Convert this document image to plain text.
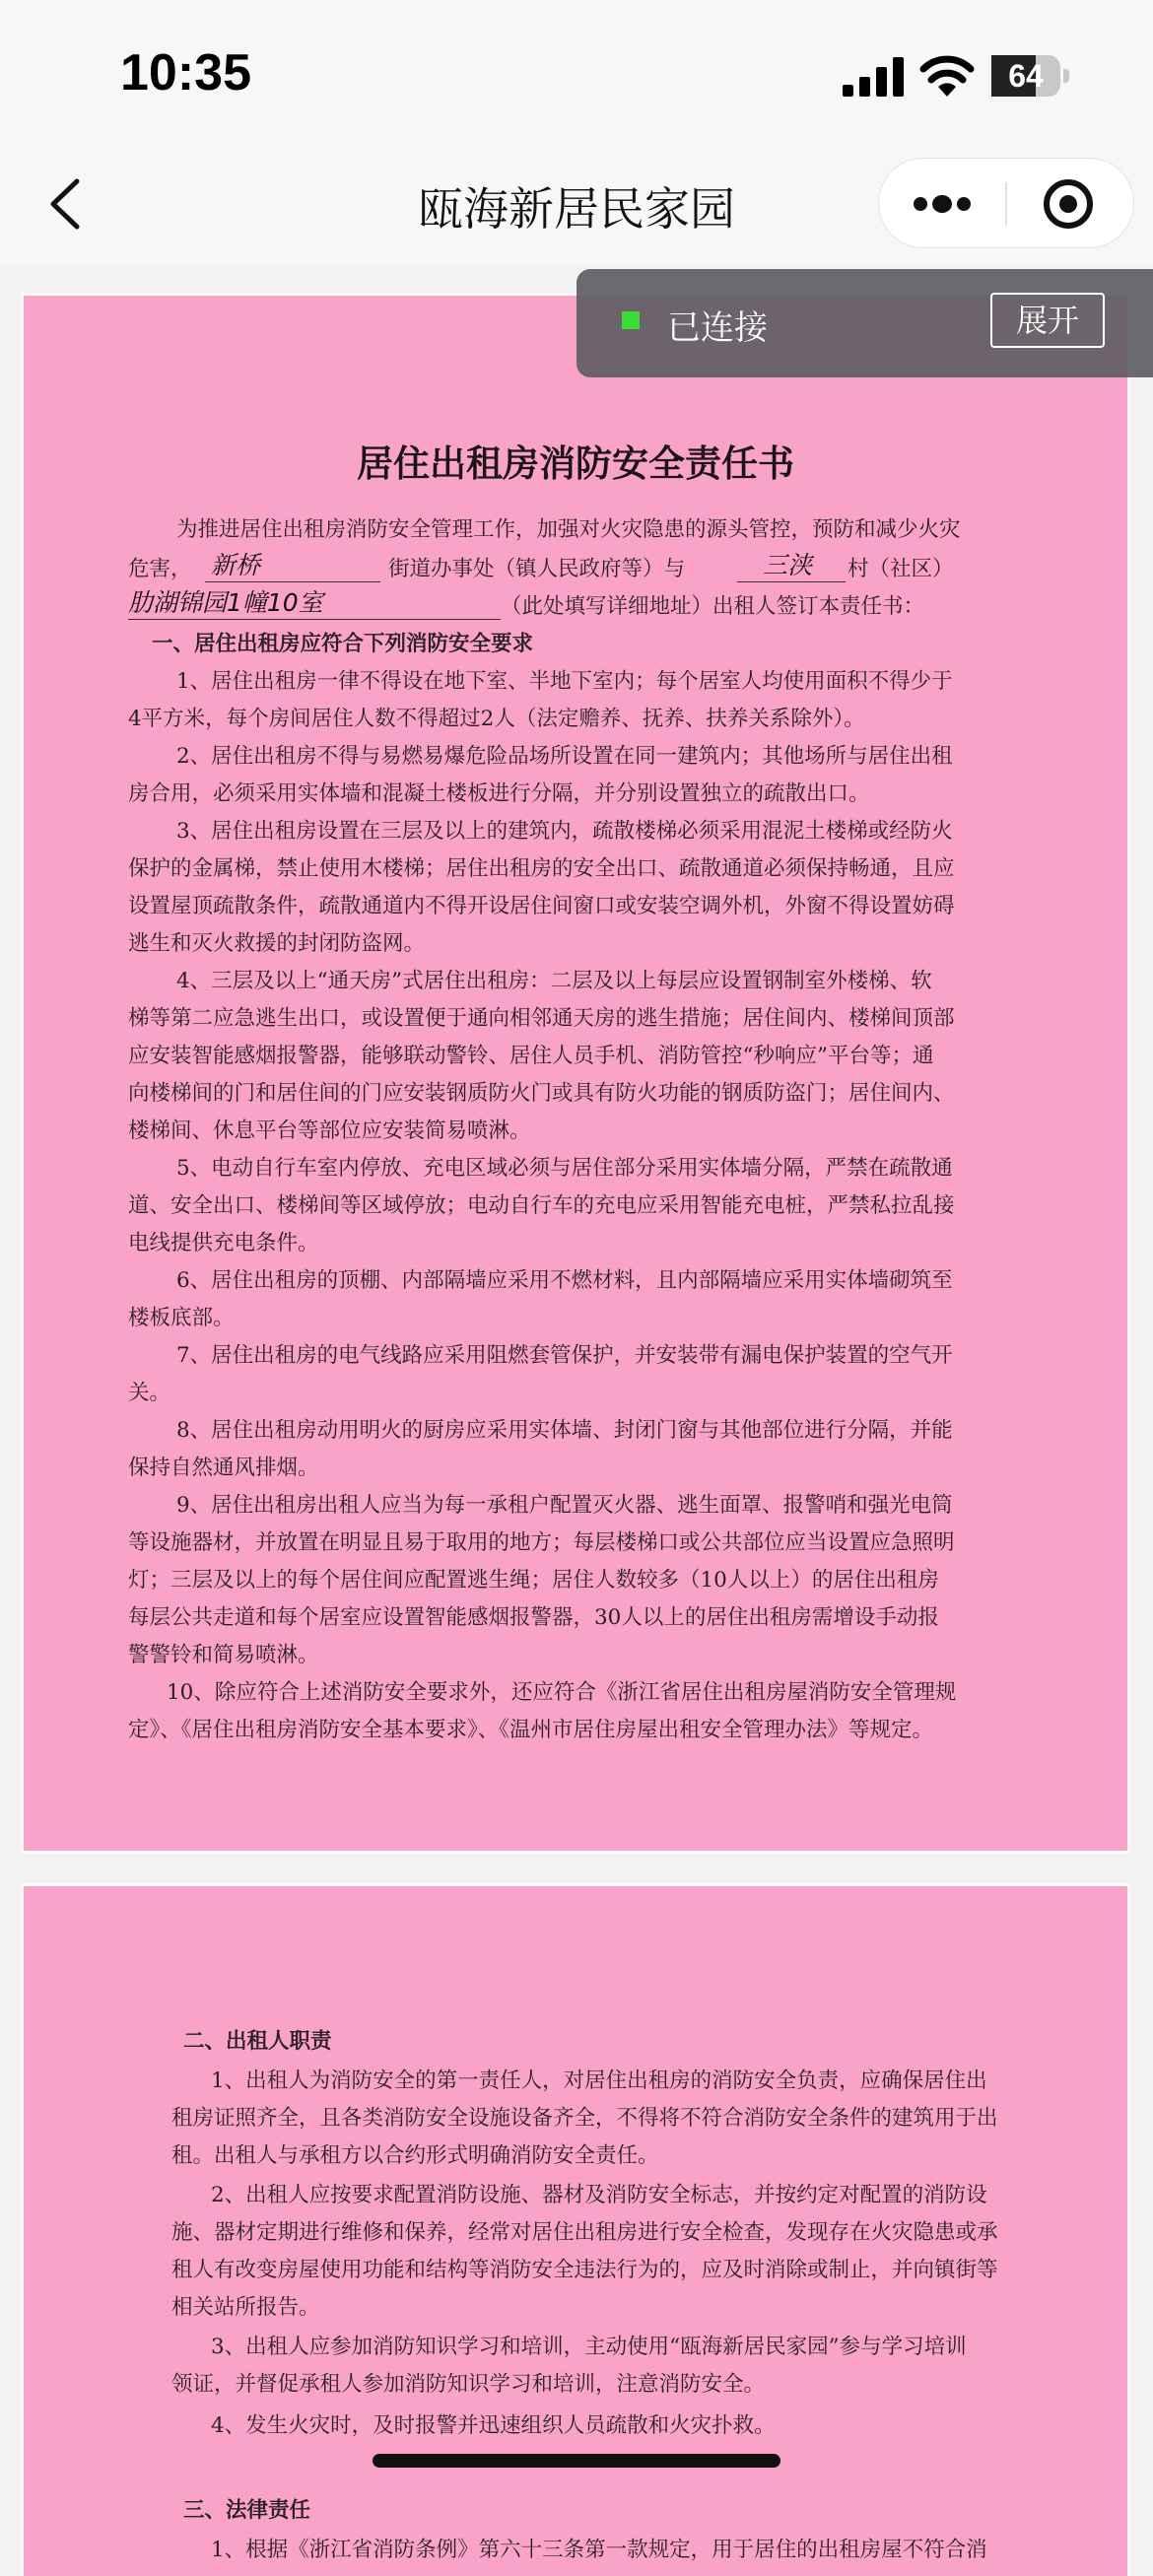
10:35	64
瓯海新居民家园
居住出租房消防安全责任书
为推进居住出租房消防安全管理工作，加强对火灾隐患的源头管控，预防和减少火灾
危害， 新桥	街道办事处（镇人民政府等）与	三浃 村（社区）
肋湖锦园1幢10室	（此处填写详细地址）出租人签订本责任书：
一、居住出租房应符合下列消防安全要求
1、居住出租房一律不得设在地下室、半地下室内；每个居室人均使用面积不得少于
4平方米，每个房间居住人数不得超过2人（法定赡养、抚养、扶养关系除外）。
2、居住出租房不得与易燃易爆危险品场所设置在同一建筑内；其他场所与居住出租
房合用，必须采用实体墙和混凝土楼板进行分隔，并分别设置独立的疏散出口。
3、居住出租房设置在三层及以上的建筑内，疏散楼梯必须采用混泥土楼梯或经防火
保护的金属梯，禁止使用木楼梯；居住出租房的安全出口、疏散通道必须保持畅通，且应
设置屋顶疏散条件，疏散通道内不得开设居住间窗口或安装空调外机，外窗不得设置妨碍
逃生和灭火救援的封闭防盗网。
4、三层及以上“通天房”式居住出租房：二层及以上每层应设置钢制室外楼梯、软
梯等第二应急逃生出口，或设置便于通向相邻通天房的逃生措施；居住间内、楼梯间顶部
应安装智能感烟报警器，能够联动警铃、居住人员手机、消防管控“秒响应”平台等；通
向楼梯间的门和居住间的门应安装钢质防火门或具有防火功能的钢质防盗门；居住间内、
楼梯间、休息平台等部位应安装简易喷淋。
5、电动自行车室内停放、充电区域必须与居住部分采用实体墙分隔，严禁在疏散通
道、安全出口、楼梯间等区域停放；电动自行车的充电应采用智能充电桩，严禁私拉乱接
电线提供充电条件。
6、居住出租房的顶棚、内部隔墙应采用不燃材料，且内部隔墙应采用实体墙砌筑至
楼板底部。
7、居住出租房的电气线路应采用阻燃套管保护，并安装带有漏电保护装置的空气开
关。
8、居住出租房动用明火的厨房应采用实体墙、封闭门窗与其他部位进行分隔，并能
保持自然通风排烟。
9、居住出租房出租人应当为每一承租户配置灭火器、逃生面罩、报警哨和强光电筒
等设施器材，并放置在明显且易于取用的地方；每层楼梯口或公共部位应当设置应急照明
灯；三层及以上的每个居住间应配置逃生绳；居住人数较多（10人以上）的居住出租房
每层公共走道和每个居室应设置智能感烟报警器，30人以上的居住出租房需增设手动报
警警铃和简易喷淋。
10、除应符合上述消防安全要求外，还应符合《浙江省居住出租房屋消防安全管理规
定》、《居住出租房消防安全基本要求》、《温州市居住房屋出租安全管理办法》等规定。
二、出租人职责
1、出租人为消防安全的第一责任人，对居住出租房的消防安全负责，应确保居住出
租房证照齐全，且各类消防安全设施设备齐全，不得将不符合消防安全条件的建筑用于出
租。出租人与承租方以合约形式明确消防安全责任。
2、出租人应按要求配置消防设施、器材及消防安全标志，并按约定对配置的消防设
施、器材定期进行维修和保养，经常对居住出租房进行安全检查，发现存在火灾隐患或承
租人有改变房屋使用功能和结构等消防安全违法行为的，应及时消除或制止，并向镇街等
相关站所报告。
3、出租人应参加消防知识学习和培训，主动使用“瓯海新居民家园”参与学习培训
领证，并督促承租人参加消防知识学习和培训，注意消防安全。
4、发生火灾时，及时报警并迅速组织人员疏散和火灾扑救。
三、法律责任
1、根据《浙江省消防条例》第六十三条第一款规定，用于居住的出租房屋不符合消
已连接	展开
